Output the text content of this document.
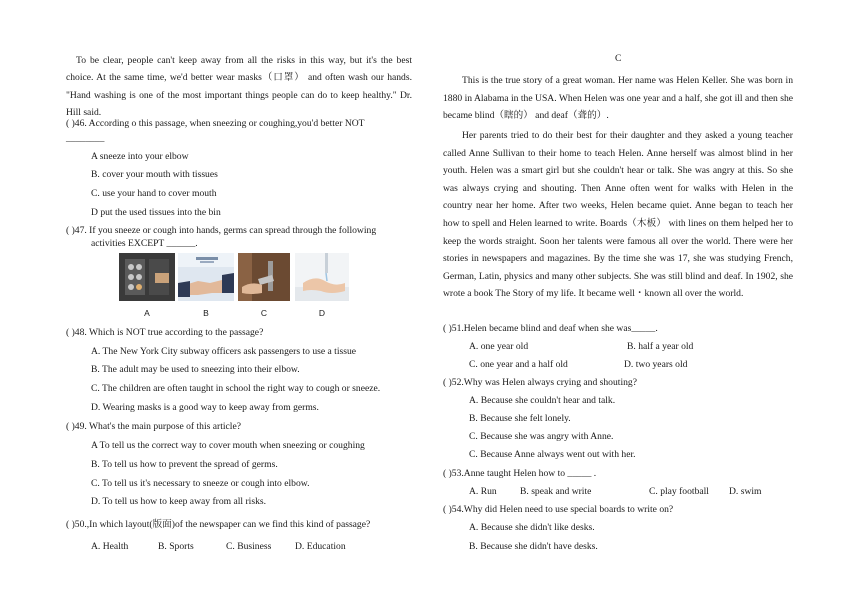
To be clear, people can't keep away from all the risks in this way, but it's the best choice. At the same time, we'd better wear masks（口罩） and often wash our hands. "Hand washing is one of the most important things people can do to keep healthy." Dr. Hill said.
( )46. According o this passage, when sneezing or coughing,you'd better NOT
________
A sneeze into your elbow
B. cover your mouth with tissues
C. use your hand to cover mouth
D put the used tissues into the bin
( )47. If you sneeze or cough into hands, germs can spread through the following
activities EXCEPT ______.
A	B	C	D
( )48. Which is NOT true according to the passage?
A. The New York City subway officers ask passengers to use a tissue
B. The adult may be used to sneezing into their elbow.
C. The children are often taught in school the right way to cough or sneeze.
D. Wearing masks is a good way to keep away from germs.
( )49. What's the main purpose of this article?
A To tell us the correct way to cover mouth when sneezing or coughing
B. To tell us how to prevent the spread of germs.
C. To tell us it's necessary to sneeze or cough into elbow.
D. To tell us how to keep away from all risks.
( )50.,In which layout(版面)of the newspaper can we find this kind of passage?
A. Health	B. Sports	C. Business D. Education
C
This is the true story of a great woman. Her name was Helen Keller. She was born in 1880 in Alabama in the USA. When Helen was one year and a half, she got ill and then she became blind（瞎的） and deaf（聋的）.
Her parents tried to do their best for their daughter and they asked a young teacher called Anne Sullivan to their home to teach Helen. Anne herself was almost blind in her youth. Helen was a smart girl but she couldn't hear or talk. She was angry at this. So she was always crying and shouting. Then Anne often went for walks with Helen in the country near her home. After two weeks, Helen became quiet. Anne began to teach her how to spell and Helen learned to write. Boards（木板） with lines on them helped her to keep the words straight. Soon her talents were famous all over the world. There were her stories in newspapers and magazines. By the time she was 17, she was studying French, German, Latin, physics and many other subjects. She was still blind and deaf. In 1902, she wrote a book The Story of my life. It became well・known all over the world.
( )51.Helen became blind and deaf when she was_____.
A. one year old	B. half a year old
C. one year and a half old	D. two years old
( )52.Why was Helen always crying and shouting?
A. Because she couldn't hear and talk.
B. Because she felt lonely.
C. Because she was angry with Anne.
C. Because Anne always went out with her.
( )53.Anne taught Helen how to _____ .
A. Run B. speak and write	C. play football D. swim
( )54.Why did Helen need to use special boards to write on?
A. Because she didn't like desks.
B. Because she didn't have desks.
